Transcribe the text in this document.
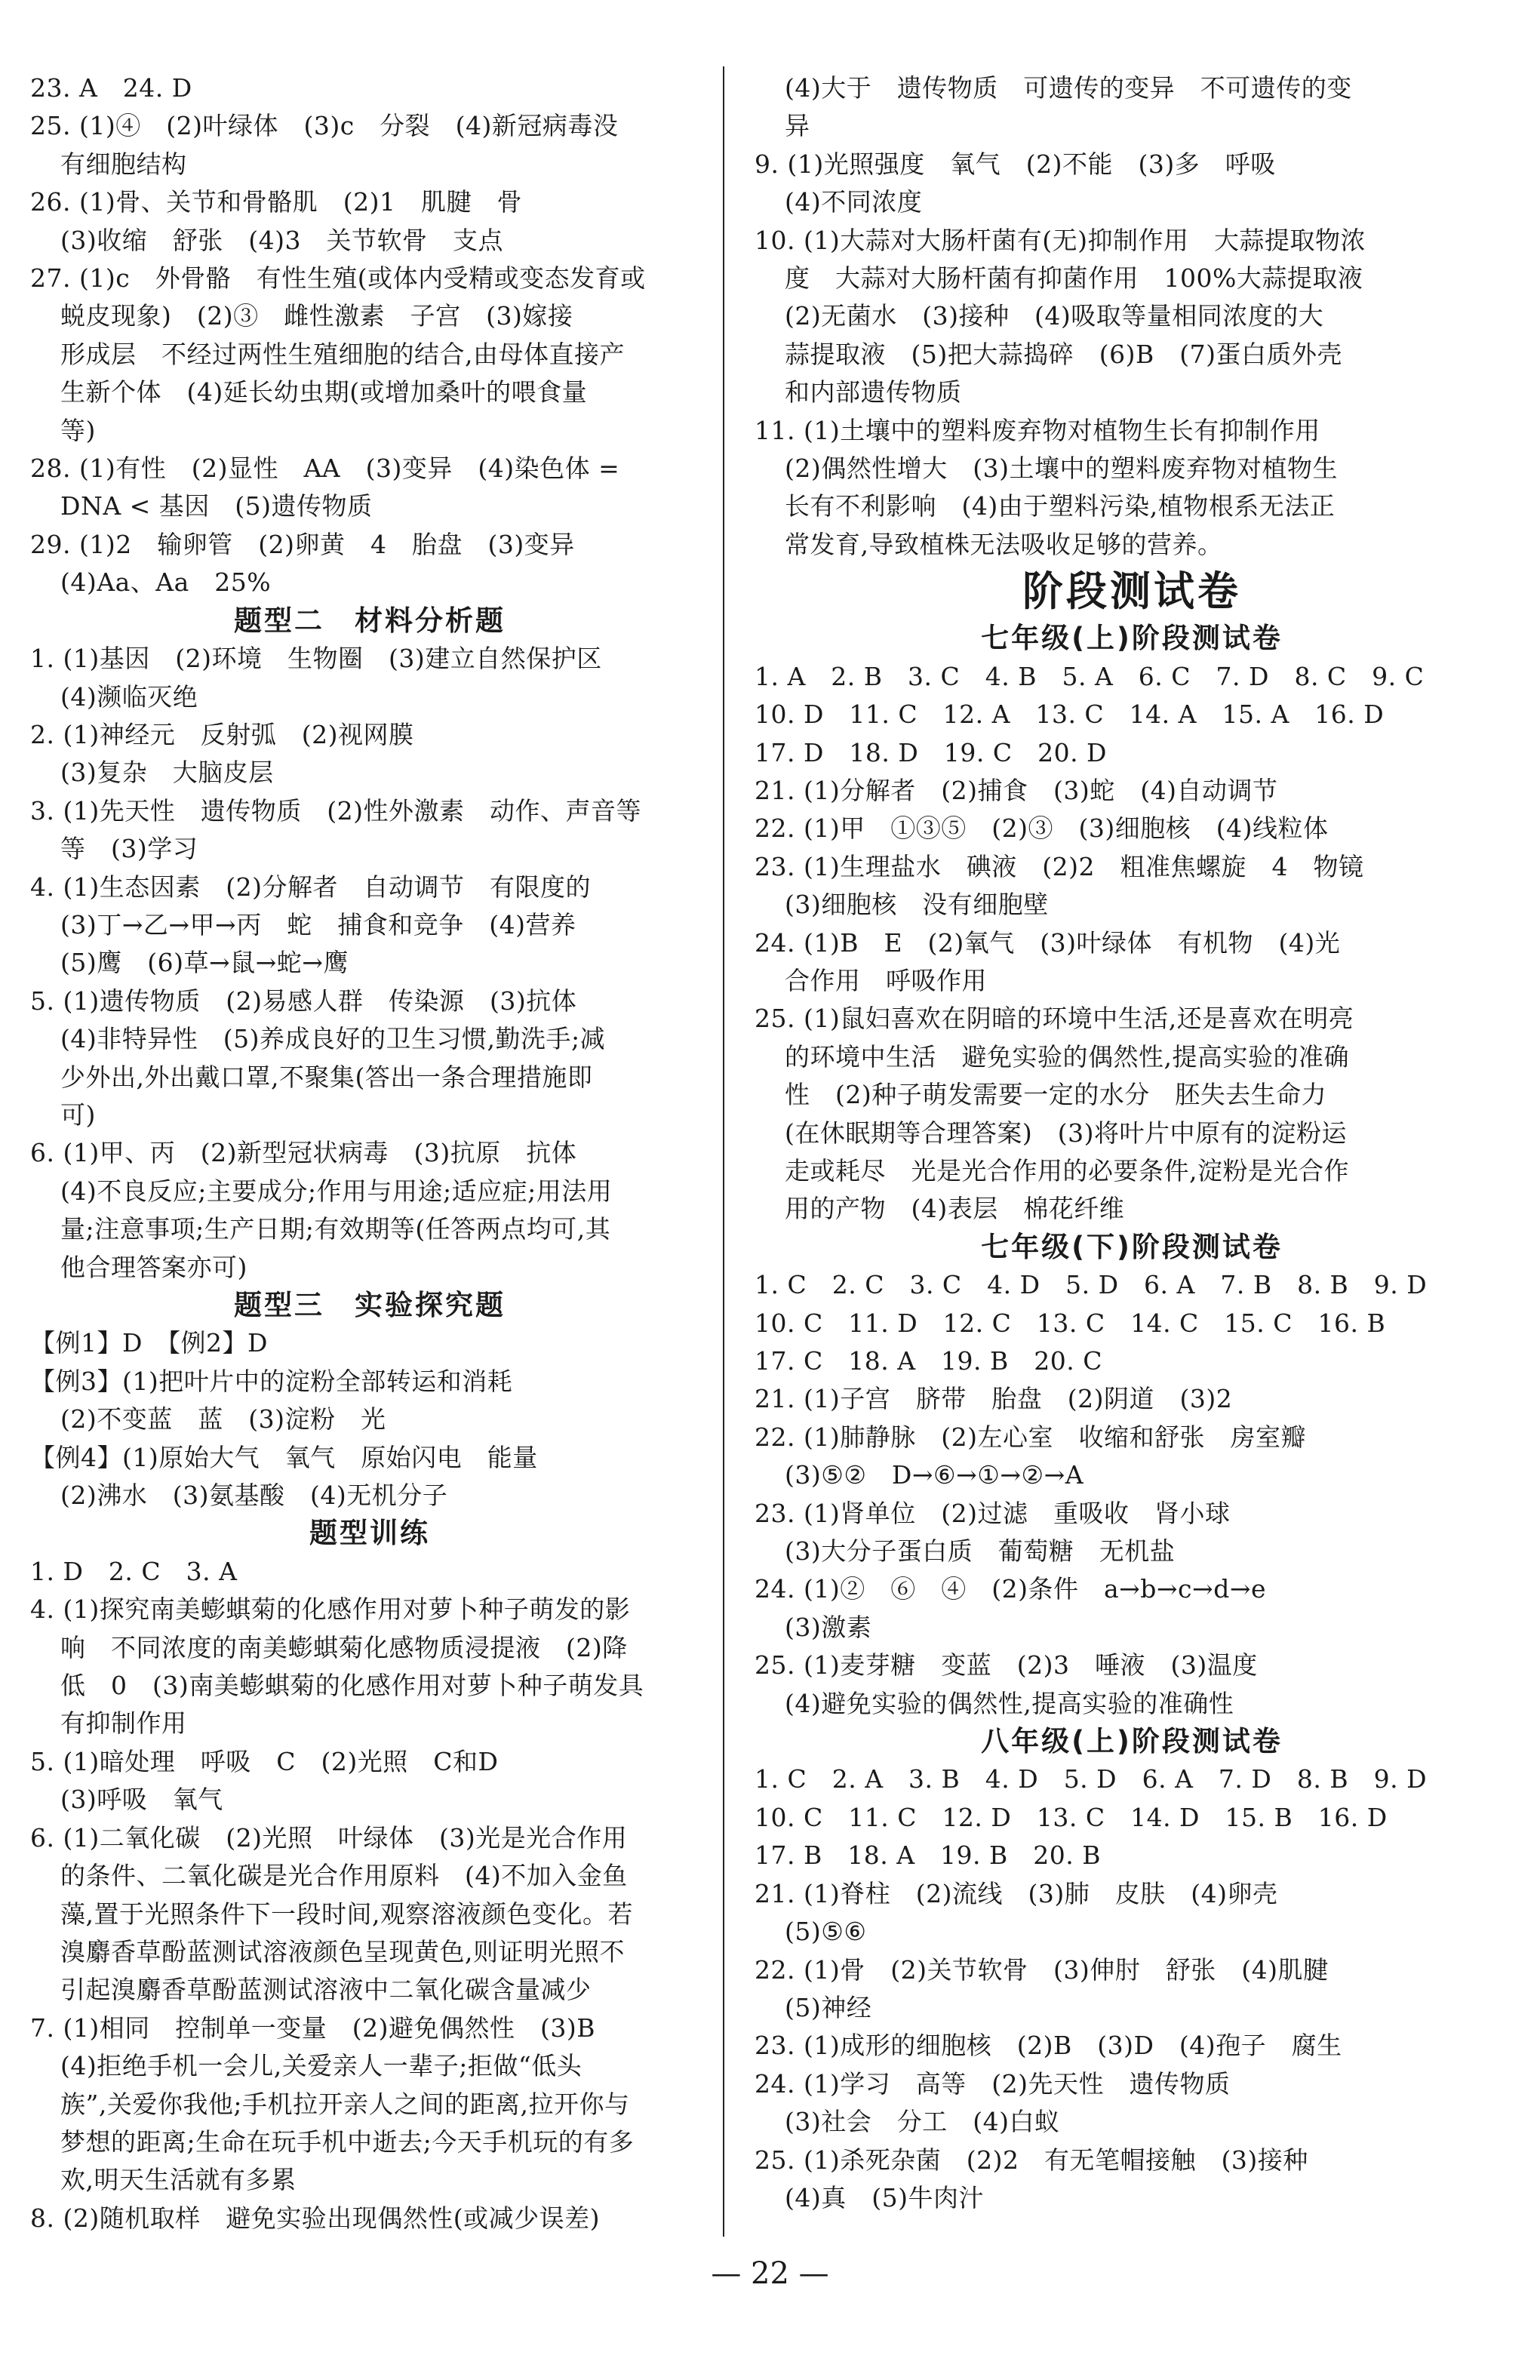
23. A　24. D
25. (1)④　(2)叶绿体　(3)c　分裂　(4)新冠病毒没
有细胞结构
26. (1)骨、关节和骨骼肌　(2)1　肌腱　骨
(3)收缩　舒张　(4)3　关节软骨　支点
27. (1)c　外骨骼　有性生殖(或体内受精或变态发育或
蜕皮现象)　(2)③　雌性激素　子宫　(3)嫁接
形成层　不经过两性生殖细胞的结合,由母体直接产
生新个体　(4)延长幼虫期(或增加桑叶的喂食量
等)
28. (1)有性　(2)显性　AA　(3)变异　(4)染色体 =
DNA < 基因　(5)遗传物质
29. (1)2　输卵管　(2)卵黄　4　胎盘　(3)变异
(4)Aa、Aa　25%
题型二　材料分析题
1. (1)基因　(2)环境　生物圈　(3)建立自然保护区
(4)濒临灭绝
2. (1)神经元　反射弧　(2)视网膜
(3)复杂　大脑皮层
3. (1)先天性　遗传物质　(2)性外激素　动作、声音等
等　(3)学习
4. (1)生态因素　(2)分解者　自动调节　有限度的
(3)丁→乙→甲→丙　蛇　捕食和竞争　(4)营养
(5)鹰　(6)草→鼠→蛇→鹰
5. (1)遗传物质　(2)易感人群　传染源　(3)抗体
(4)非特异性　(5)养成良好的卫生习惯,勤洗手;减
少外出,外出戴口罩,不聚集(答出一条合理措施即
可)
6. (1)甲、丙　(2)新型冠状病毒　(3)抗原　抗体
(4)不良反应;主要成分;作用与用途;适应症;用法用
量;注意事项;生产日期;有效期等(任答两点均可,其
他合理答案亦可)
题型三　实验探究题
【例1】D　【例2】D
【例3】(1)把叶片中的淀粉全部转运和消耗
(2)不变蓝　蓝　(3)淀粉　光
【例4】(1)原始大气　氧气　原始闪电　能量
(2)沸水　(3)氨基酸　(4)无机分子
题型训练
1. D　2. C　3. A
4. (1)探究南美蟛蜞菊的化感作用对萝卜种子萌发的影
响　不同浓度的南美蟛蜞菊化感物质浸提液　(2)降
低　0　(3)南美蟛蜞菊的化感作用对萝卜种子萌发具
有抑制作用
5. (1)暗处理　呼吸　C　(2)光照　C和D
(3)呼吸　氧气
6. (1)二氧化碳　(2)光照　叶绿体　(3)光是光合作用
的条件、二氧化碳是光合作用原料　(4)不加入金鱼
藻,置于光照条件下一段时间,观察溶液颜色变化。若
溴麝香草酚蓝测试溶液颜色呈现黄色,则证明光照不
引起溴麝香草酚蓝测试溶液中二氧化碳含量减少
7. (1)相同　控制单一变量　(2)避免偶然性　(3)B
(4)拒绝手机一会儿,关爱亲人一辈子;拒做“低头
族”,关爱你我他;手机拉开亲人之间的距离,拉开你与
梦想的距离;生命在玩手机中逝去;今天手机玩的有多
欢,明天生活就有多累
8. (2)随机取样　避免实验出现偶然性(或减少误差)
(4)大于　遗传物质　可遗传的变异　不可遗传的变
异
9. (1)光照强度　氧气　(2)不能　(3)多　呼吸
(4)不同浓度
10. (1)大蒜对大肠杆菌有(无)抑制作用　大蒜提取物浓
度　大蒜对大肠杆菌有抑菌作用　100%大蒜提取液
(2)无菌水　(3)接种　(4)吸取等量相同浓度的大
蒜提取液　(5)把大蒜捣碎　(6)B　(7)蛋白质外壳
和内部遗传物质
11. (1)土壤中的塑料废弃物对植物生长有抑制作用
(2)偶然性增大　(3)土壤中的塑料废弃物对植物生
长有不利影响　(4)由于塑料污染,植物根系无法正
常发育,导致植株无法吸收足够的营养。
阶段测试卷
七年级(上)阶段测试卷
1. A　2. B　3. C　4. B　5. A　6. C　7. D　8. C　9. C
10. D　11. C　12. A　13. C　14. A　15. A　16. D
17. D　18. D　19. C　20. D
21. (1)分解者　(2)捕食　(3)蛇　(4)自动调节
22. (1)甲　①③⑤　(2)③　(3)细胞核　(4)线粒体
23. (1)生理盐水　碘液　(2)2　粗准焦螺旋　4　物镜
(3)细胞核　没有细胞壁
24. (1)B　E　(2)氧气　(3)叶绿体　有机物　(4)光
合作用　呼吸作用
25. (1)鼠妇喜欢在阴暗的环境中生活,还是喜欢在明亮
的环境中生活　避免实验的偶然性,提高实验的准确
性　(2)种子萌发需要一定的水分　胚失去生命力
(在休眠期等合理答案)　(3)将叶片中原有的淀粉运
走或耗尽　光是光合作用的必要条件,淀粉是光合作
用的产物　(4)表层　棉花纤维
七年级(下)阶段测试卷
1. C　2. C　3. C　4. D　5. D　6. A　7. B　8. B　9. D
10. C　11. D　12. C　13. C　14. C　15. C　16. B
17. C　18. A　19. B　20. C
21. (1)子宫　脐带　胎盘　(2)阴道　(3)2
22. (1)肺静脉　(2)左心室　收缩和舒张　房室瓣
(3)⑤②　D→⑥→①→②→A
23. (1)肾单位　(2)过滤　重吸收　肾小球
(3)大分子蛋白质　葡萄糖　无机盐
24. (1)②　⑥　④　(2)条件　a→b→c→d→e
(3)激素
25. (1)麦芽糖　变蓝　(2)3　唾液　(3)温度
(4)避免实验的偶然性,提高实验的准确性
八年级(上)阶段测试卷
1. C　2. A　3. B　4. D　5. D　6. A　7. D　8. B　9. D
10. C　11. C　12. D　13. C　14. D　15. B　16. D
17. B　18. A　19. B　20. B
21. (1)脊柱　(2)流线　(3)肺　皮肤　(4)卵壳
(5)⑤⑥
22. (1)骨　(2)关节软骨　(3)伸肘　舒张　(4)肌腱
(5)神经
23. (1)成形的细胞核　(2)B　(3)D　(4)孢子　腐生
24. (1)学习　高等　(2)先天性　遗传物质
(3)社会　分工　(4)白蚁
25. (1)杀死杂菌　(2)2　有无笔帽接触　(3)接种
(4)真　(5)牛肉汁
— 22 —
